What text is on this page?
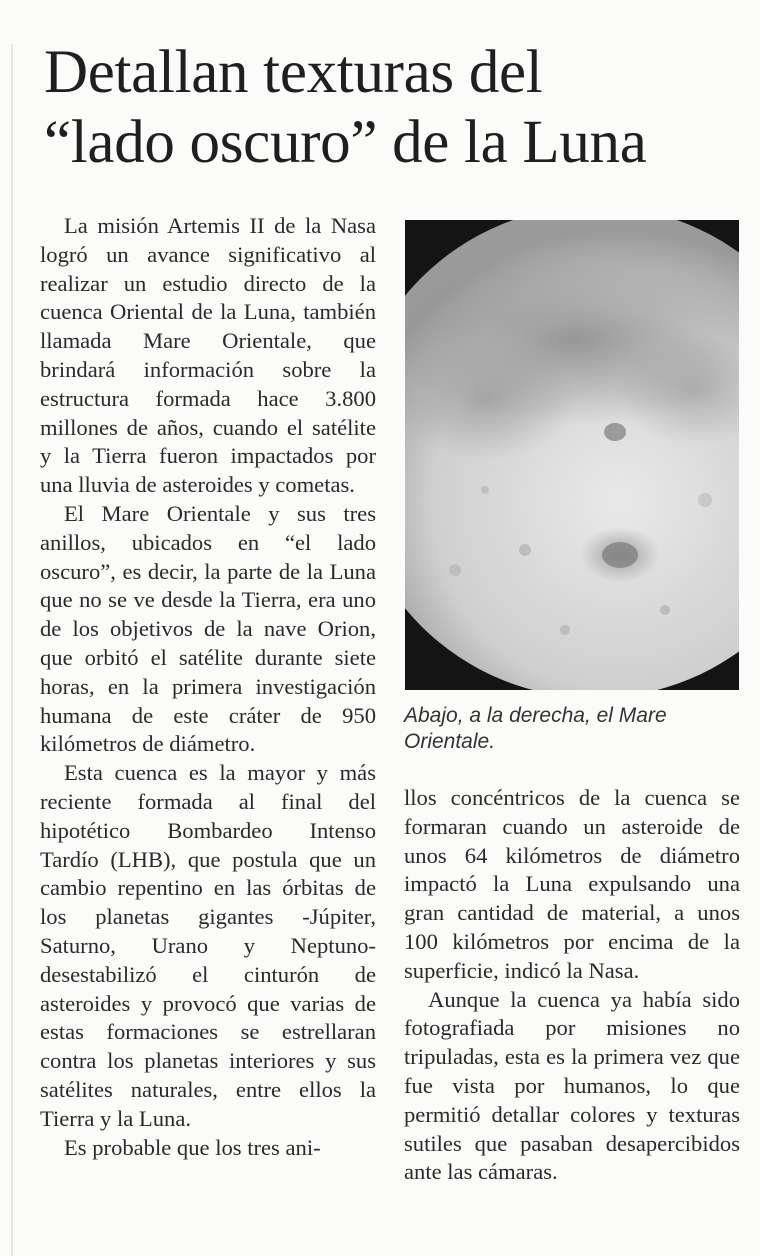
Detallan texturas del
“lado oscuro” de la Luna

La misión Artemis II de la Nasa logró un avance significativo al realizar un estudio directo de la cuenca Oriental de la Luna, también llamada Mare Orientale, que brindará información sobre la estructura formada hace 3.800 millones de años, cuando el satélite y la Tierra fueron impactados por una lluvia de asteroides y cometas.

El Mare Orientale y sus tres anillos, ubicados en “el lado oscuro”, es decir, la parte de la Luna que no se ve desde la Tierra, era uno de los objetivos de la nave Orion, que orbitó el satélite durante siete horas, en la primera investigación humana de este cráter de 950 kilómetros de diámetro.

Esta cuenca es la mayor y más reciente formada al final del hipotético Bombardeo Intenso Tardío (LHB), que postula que un cambio repentino en las órbitas de los planetas gigantes -Júpiter, Saturno, Urano y Neptuno- desestabilizó el cinturón de asteroides y provocó que varias de estas formaciones se estrellaran contra los planetas interiores y sus satélites naturales, entre ellos la Tierra y la Luna.

Es probable que los tres ani-

Abajo, a la derecha, el Mare Orientale.

llos concéntricos de la cuenca se formaran cuando un asteroide de unos 64 kilómetros de diámetro impactó la Luna expulsando una gran cantidad de material, a unos 100 kilómetros por encima de la superficie, indicó la Nasa.

Aunque la cuenca ya había sido fotografiada por misiones no tripuladas, esta es la primera vez que fue vista por humanos, lo que permitió detallar colores y texturas sutiles que pasaban desapercibidos ante las cámaras.
